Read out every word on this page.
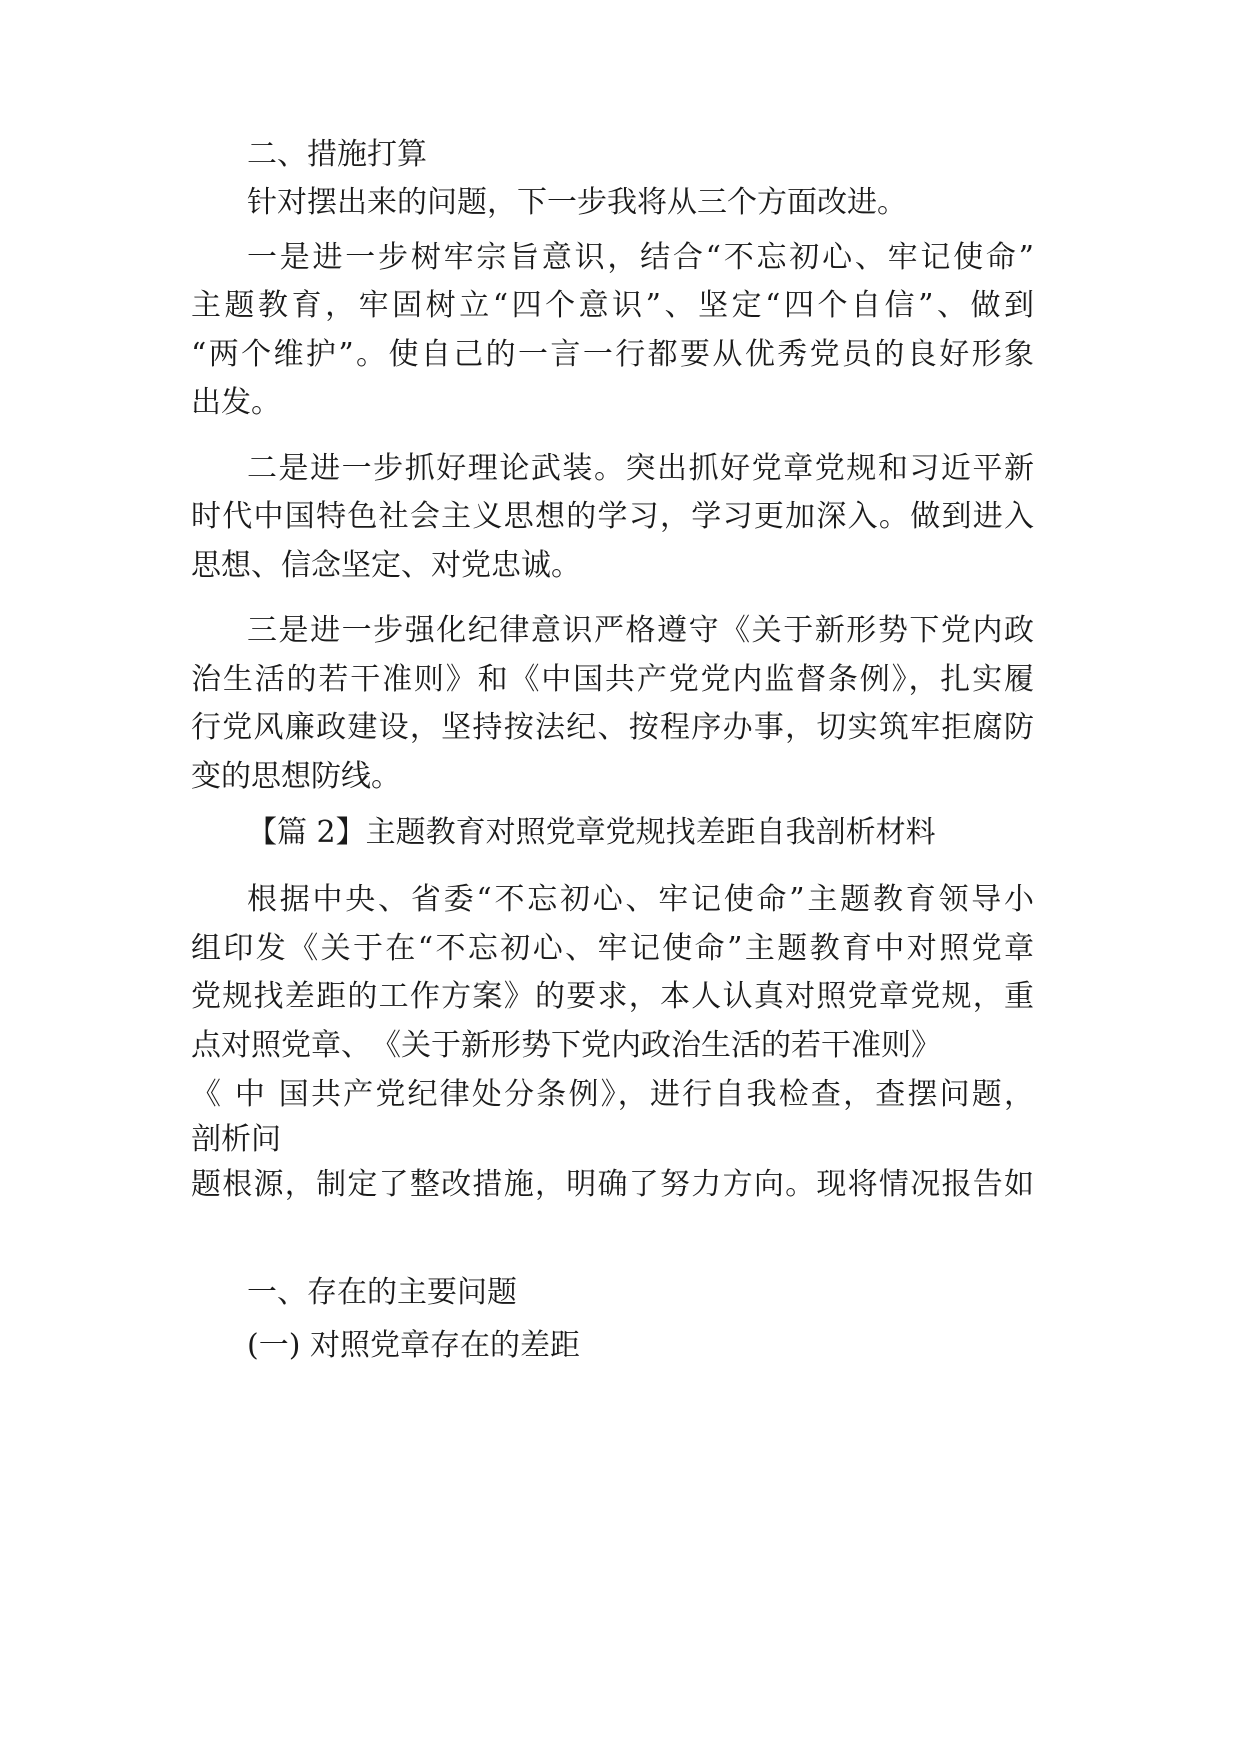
二、措施打算
针对摆出来的问题，下一步我将从三个方面改进。
一是进一步树牢宗旨意识，结合“不忘初心、牢记使命”
主题教育，牢固树立“四个意识”、坚定“四个自信”、做到
“两个维护”。使自己的一言一行都要从优秀党员的良好形象
出发。
二是进一步抓好理论武装。突出抓好党章党规和习近平新
时代中国特色社会主义思想的学习，学习更加深入。做到进入
思想、信念坚定、对党忠诚。
三是进一步强化纪律意识严格遵守《关于新形势下党内政
治生活的若干准则》和《中国共产党党内监督条例》，扎实履
行党风廉政建设，坚持按法纪、按程序办事，切实筑牢拒腐防
变的思想防线。
【篇 2】主题教育对照党章党规找差距自我剖析材料
根据中央、省委“不忘初心、牢记使命”主题教育领导小
组印发《关于在“不忘初心、牢记使命”主题教育中对照党章
党规找差距的工作方案》的要求，本人认真对照党章党规，重
点对照党章、　《关于新形势下党内政治生活的若干准则》
《 中 国共产党纪律处分条例》，进行自我检查，查摆问题，
剖析问
题根源，制定了整改措施，明确了努力方向。现将情况报告如
一、存在的主要问题
(一) 对照党章存在的差距
